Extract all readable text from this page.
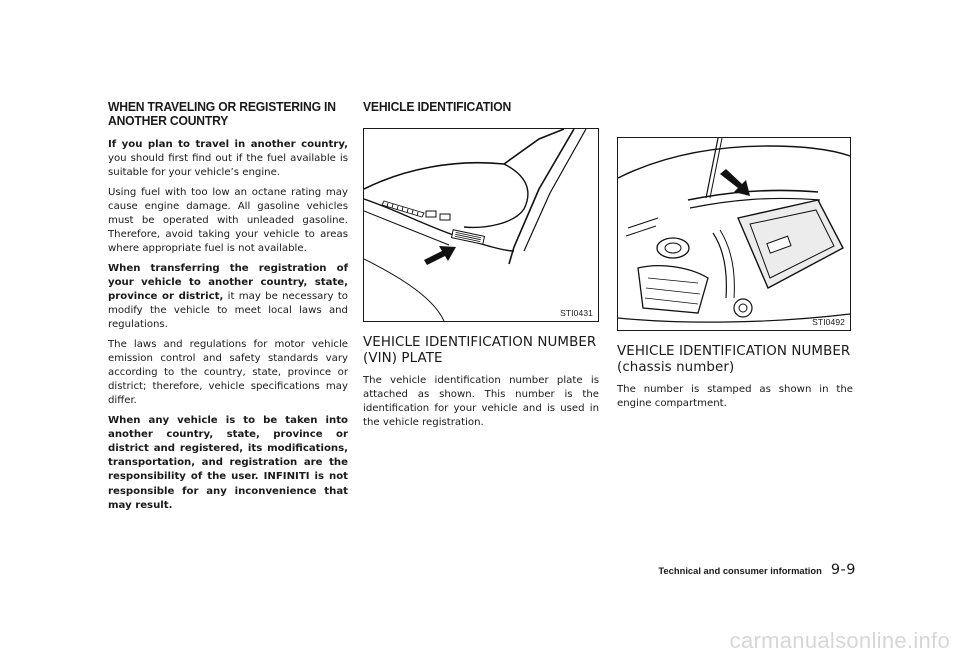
WHEN TRAVELING OR REGISTERING IN ANOTHER COUNTRY

If you plan to travel in another country, you should first find out if the fuel available is suitable for your vehicle’s engine.

Using fuel with too low an octane rating may cause engine damage. All gasoline vehicles must be operated with unleaded gasoline. Therefore, avoid taking your vehicle to areas where appropriate fuel is not available.

When transferring the registration of your vehicle to another country, state, province or district, it may be necessary to modify the vehicle to meet local laws and regulations.

The laws and regulations for motor vehicle emission control and safety standards vary according to the country, state, province or district; therefore, vehicle specifications may differ.

When any vehicle is to be taken into another country, state, province or district and registered, its modifications, transportation, and registration are the responsibility of the user. INFINITI is not responsible for any inconvenience that may result.

VEHICLE IDENTIFICATION
STI0431
VEHICLE IDENTIFICATION NUMBER (VIN) PLATE

The vehicle identification number plate is attached as shown. This number is the identification for your vehicle and is used in the vehicle registration.

STI0492
VEHICLE IDENTIFICATION NUMBER (chassis number)

The number is stamped as shown in the engine compartment.

Technical and consumer information 9-9
carmanualsonline.info
